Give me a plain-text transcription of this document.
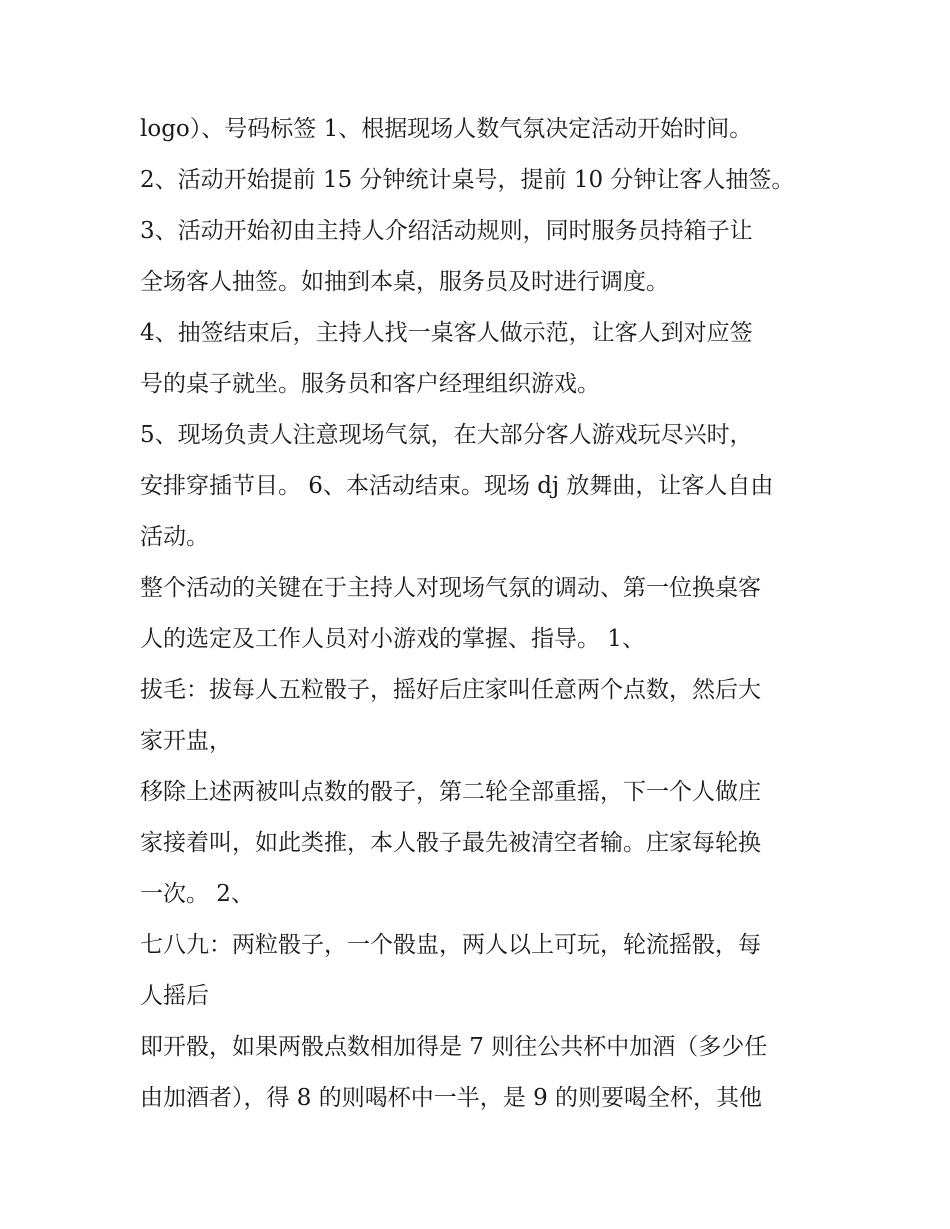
logo）、号码标签 1、根据现场人数气氛决定活动开始时间。
2、活动开始提前 15 分钟统计桌号，提前 10 分钟让客人抽签。
3、活动开始初由主持人介绍活动规则，同时服务员持箱子让
全场客人抽签。如抽到本桌，服务员及时进行调度。
4、抽签结束后，主持人找一桌客人做示范，让客人到对应签
号的桌子就坐。服务员和客户经理组织游戏。
5、现场负责人注意现场气氛，在大部分客人游戏玩尽兴时，
安排穿插节目。 6、本活动结束。现场 dj 放舞曲，让客人自由
活动。
整个活动的关键在于主持人对现场气氛的调动、第一位换桌客
人的选定及工作人员对小游戏的掌握、指导。 1、
拔毛：拔每人五粒骰子，摇好后庄家叫任意两个点数，然后大
家开盅，
移除上述两被叫点数的骰子，第二轮全部重摇，下一个人做庄
家接着叫，如此类推，本人骰子最先被清空者输。庄家每轮换
一次。 2、
七八九：两粒骰子，一个骰盅，两人以上可玩，轮流摇骰，每
人摇后
即开骰，如果两骰点数相加得是 7 则往公共杯中加酒（多少任
由加酒者），得 8 的则喝杯中一半，是 9 的则要喝全杯，其他
